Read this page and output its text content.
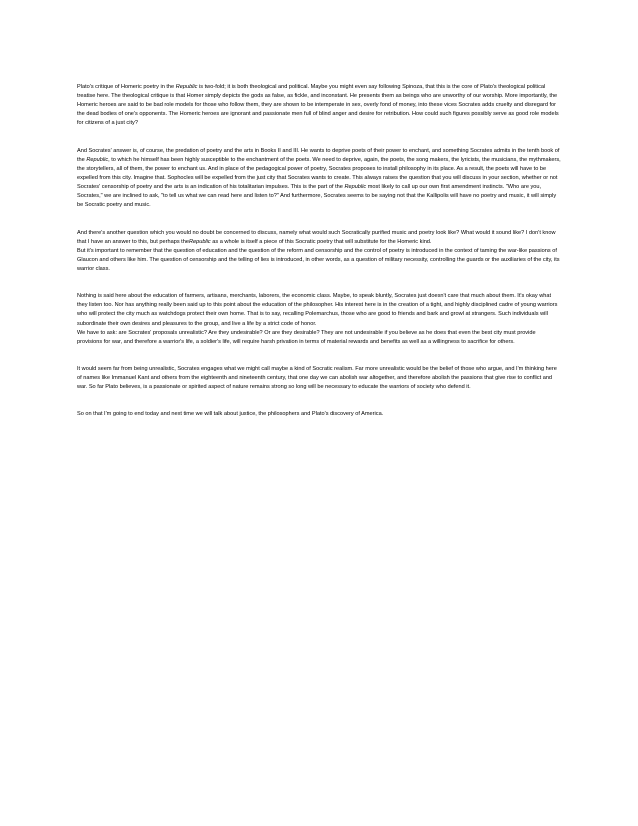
Plato's critique of Homeric poetry in the Republic is two-fold; it is both theological and political. Maybe you might even say following Spinoza, that this is the core of Plato's theological political treatise here. The theological critique is that Homer simply depicts the gods as false, as fickle, and inconstant. He presents them as beings who are unworthy of our worship. More importantly, the Homeric heroes are said to be bad role models for those who follow them, they are shown to be intemperate in sex, overly fond of money, into these vices Socrates adds cruelty and disregard for the dead bodies of one's opponents. The Homeric heroes are ignorant and passionate men full of blind anger and desire for retribution. How could such figures possibly serve as good role models for citizens of a just city?

And Socrates' answer is, of course, the predation of poetry and the arts in Books II and III. He wants to deprive poets of their power to enchant, and something Socrates admits in the tenth book of the Republic, to which he himself has been highly susceptible to the enchantment of the poets. We need to deprive, again, the poets, the song makers, the lyricists, the musicians, the mythmakers, the storytellers, all of them, the power to enchant us. And in place of the pedagogical power of poetry, Socrates proposes to install philosophy in its place. As a result, the poets will have to be expelled from this city. Imagine that. Sophocles will be expelled from the just city that Socrates wants to create. This always raises the question that you will discuss in your section, whether or not Socrates' censorship of poetry and the arts is an indication of his totalitarian impulses. This is the part of the Republic most likely to call up our own first amendment instincts. "Who are you, Socrates," we are inclined to ask, "to tell us what we can read here and listen to?" And furthermore, Socrates seems to be saying not that the Kallipolis will have no poetry and music, it will simply be Socratic poetry and music.

And there's another question which you would no doubt be concerned to discuss, namely what would such Socratically purified music and poetry look like? What would it sound like? I don't know that I have an answer to this, but perhaps theRepublic as a whole is itself a piece of this Socratic poetry that will substitute for the Homeric kind.
But it's important to remember that the question of education and the question of the reform and censorship and the control of poetry is introduced in the context of taming the war-like passions of Glaucon and others like him. The question of censorship and the telling of lies is introduced, in other words, as a question of military necessity, controlling the guards or the auxiliaries of the city, its warrior class.

Nothing is said here about the education of farmers, artisans, merchants, laborers, the economic class. Maybe, to speak bluntly, Socrates just doesn't care that much about them. It's okay what they listen too. Nor has anything really been said up to this point about the education of the philosopher. His interest here is in the creation of a tight, and highly disciplined cadre of young warriors who will protect the city much as watchdogs protect their own home. That is to say, recalling Polemarchus, those who are good to friends and bark and growl at strangers. Such individuals will subordinate their own desires and pleasures to the group, and live a life by a strict code of honor.
We have to ask: are Socrates' proposals unrealistic? Are they undesirable? Or are they desirable? They are not undesirable if you believe as he does that even the best city must provide provisions for war, and therefore a warrior's life, a soldier's life, will require harsh privation in terms of material rewards and benefits as well as a willingness to sacrifice for others.

It would seem far from being unrealistic, Socrates engages what we might call maybe a kind of Socratic realism. Far more unrealistic would be the belief of those who argue, and I'm thinking here of names like Immanuel Kant and others from the eighteenth and nineteenth century, that one day we can abolish war altogether, and therefore abolish the passions that give rise to conflict and war. So far Plato believes, is a passionate or spirited aspect of nature remains strong so long will be necessary to educate the warriors of society who defend it.

So on that I'm going to end today and next time we will talk about justice, the philosophers and Plato's discovery of America.
